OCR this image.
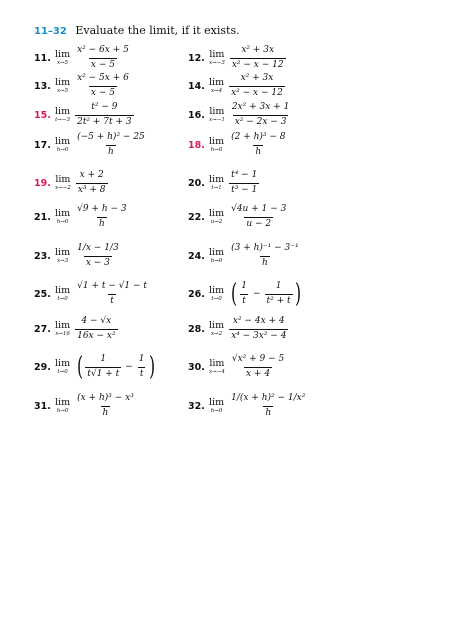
11–32 Evaluate the limit, if it exists.
11. lim
$x\to 5 \frac{\text{x² − 6x + 5}}{x - 5}$	12. lim
$x\to-3 \frac{\text{x² + 3x}}{\text{x² − x − 12}}$
13. lim
$x\to 5 \frac{\text{x² − 5x + 6}}{x - 5}$	14. lim
$x\to 4 \frac{\text{x² + 3x}}{\text{x² − x − 12}}$
15. lim
$t\to-3 \frac{\text{t² − 9}}{\text{2t² + 7t + 3}}$	16. lim
$x\to-1 \frac{\text{2x² + 3x + 1}}{\text{x² − 2x − 3}}$
17. lim
$h\to 0 \frac{\text{(−5 + h)² − 25}}{h}$	18. lim
$h\to 0 \frac{\text{(2 + h)³ − 8}}{h}$
19. lim
$x\to-2 \frac{x + 2}{\text{x³ + 8}}$	20. lim
$t\to 1 \frac{\text{t⁴ − 1}}{\text{t³ − 1}}$
21. lim
$h\to 0 \frac{√9 + h - 3}{h}$	22. lim
$u\to 2 \frac{√4u + 1 - 3}{u - 2}$
23. lim
$x\to 3 \frac{1/x - 1/3}{x - 3}$	24. lim
$h\to 0 \frac{\text{(3 + h)⁻¹ − 3⁻¹}}{h}$
25. lim
$t\to 0 \frac{√1 + t - √1 - t}{t}$
27. lim
$x\to 16 \frac{4 - √x}{\text{16x − x²}}$	28. lim
$x\to 2 \frac{\text{x² − 4x + 4}}{\text{x⁴ − 3x² − 4}}$
30. lim
$x\to-4 \frac{\text{√x² + 9 − 5}}{x + 4}$
31. lim
$h\to 0 \frac{\text{(x + h)³ − x³}}{h}$	32. lim
$h\to 0 \frac{\text{1/(x + h)² − 1/x²}}{h}$
26. lim
t→0 ( $\frac{1}{t} - \frac{1}{\text{t² + t}}$ )
29. lim
t→0 ( $\frac{1}{t√1 + t} - \frac{1}{t}$ )
